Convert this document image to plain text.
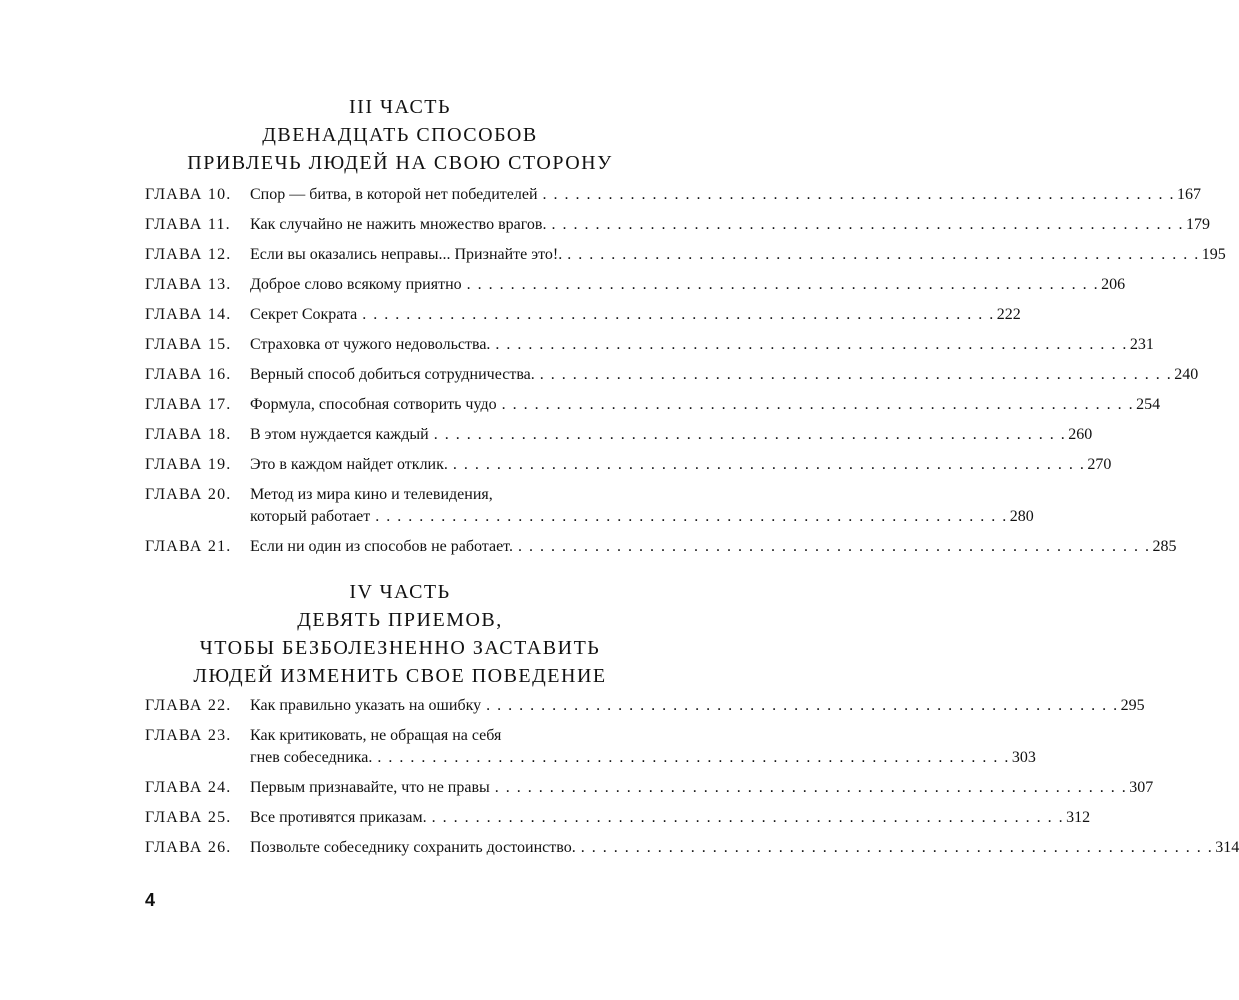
III ЧАСТЬ
ДВЕНАДЦАТЬ СПОСОБОВ
ПРИВЛЕЧЬ ЛЮДЕЙ НА СВОЮ СТОРОНУ
ГЛАВА 10. Спор — битва, в которой нет победителей . . . . . . . . . . . . . . . . . . . . . . . . . . . . . . . . . . . . . . . . . . . . . . . . . . . . . . . . . . 167
ГЛАВА 11. Как случайно не нажить множество врагов. . . . . . . . . . . . . . . . . . . . . . . . . . . . . . . . . . . . . . . . . . . . . . . . . . . . . . . . . . . 179
ГЛАВА 12. Если вы оказались неправы... Признайте это!. . . . . . . . . . . . . . . . . . . . . . . . . . . . . . . . . . . . . . . . . . . . . . . . . . . . . . . . . . . 195
ГЛАВА 13. Доброе слово всякому приятно . . . . . . . . . . . . . . . . . . . . . . . . . . . . . . . . . . . . . . . . . . . . . . . . . . . . . . . . . . 206
ГЛАВА 14. Секрет Сократа . . . . . . . . . . . . . . . . . . . . . . . . . . . . . . . . . . . . . . . . . . . . . . . . . . . . . . . . . . 222
ГЛАВА 15. Страховка от чужого недовольства. . . . . . . . . . . . . . . . . . . . . . . . . . . . . . . . . . . . . . . . . . . . . . . . . . . . . . . . . . . 231
ГЛАВА 16. Верный способ добиться сотрудничества. . . . . . . . . . . . . . . . . . . . . . . . . . . . . . . . . . . . . . . . . . . . . . . . . . . . . . . . . . . 240
ГЛАВА 17. Формула, способная сотворить чудо . . . . . . . . . . . . . . . . . . . . . . . . . . . . . . . . . . . . . . . . . . . . . . . . . . . . . . . . . . 254
ГЛАВА 18. В этом нуждается каждый . . . . . . . . . . . . . . . . . . . . . . . . . . . . . . . . . . . . . . . . . . . . . . . . . . . . . . . . . . 260
ГЛАВА 19. Это в каждом найдет отклик. . . . . . . . . . . . . . . . . . . . . . . . . . . . . . . . . . . . . . . . . . . . . . . . . . . . . . . . . . . 270
ГЛАВА 20. Метод из мира кино и телевидения,
который работает . . . . . . . . . . . . . . . . . . . . . . . . . . . . . . . . . . . . . . . . . . . . . . . . . . . . . . . . . . 280
ГЛАВА 21. Если ни один из способов не работает. . . . . . . . . . . . . . . . . . . . . . . . . . . . . . . . . . . . . . . . . . . . . . . . . . . . . . . . . . . 285
IV ЧАСТЬ
ДЕВЯТЬ ПРИЕМОВ,
ЧТОБЫ БЕЗБОЛЕЗНЕННО ЗАСТАВИТЬ
ЛЮДЕЙ ИЗМЕНИТЬ СВОЕ ПОВЕДЕНИЕ
ГЛАВА 22. Как правильно указать на ошибку . . . . . . . . . . . . . . . . . . . . . . . . . . . . . . . . . . . . . . . . . . . . . . . . . . . . . . . . . . 295
ГЛАВА 23. Как критиковать, не обращая на себя
гнев собеседника. . . . . . . . . . . . . . . . . . . . . . . . . . . . . . . . . . . . . . . . . . . . . . . . . . . . . . . . . . . 303
ГЛАВА 24. Первым признавайте, что не правы . . . . . . . . . . . . . . . . . . . . . . . . . . . . . . . . . . . . . . . . . . . . . . . . . . . . . . . . . . 307
ГЛАВА 25. Все противятся приказам. . . . . . . . . . . . . . . . . . . . . . . . . . . . . . . . . . . . . . . . . . . . . . . . . . . . . . . . . . . 312
ГЛАВА 26. Позвольте собеседнику сохранить достоинство. . . . . . . . . . . . . . . . . . . . . . . . . . . . . . . . . . . . . . . . . . . . . . . . . . . . . . . . . . . 314
4
